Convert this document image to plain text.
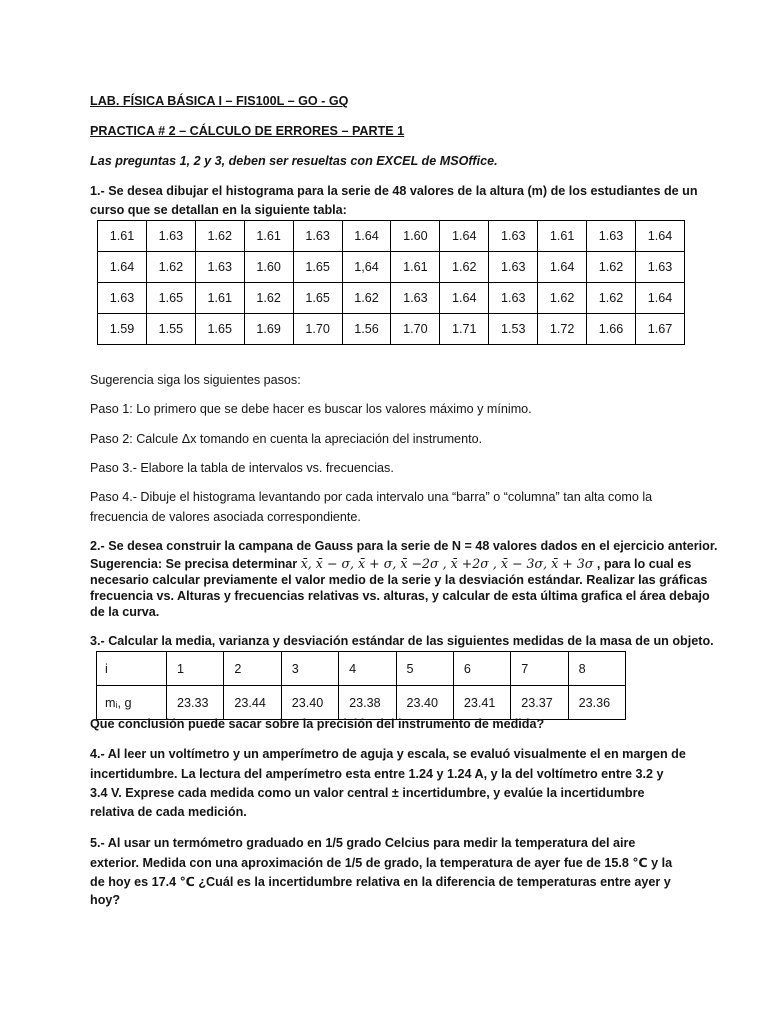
LAB. FÍSICA BÁSICA I – FIS100L – GO - GQ
PRACTICA # 2 – CÁLCULO DE ERRORES – PARTE 1
Las preguntas 1, 2 y 3, deben ser resueltas con EXCEL de MSOffice.
1.- Se desea dibujar el histograma para la serie de 48 valores de la altura (m) de los estudiantes de un
curso que se detallan en la siguiente tabla:
1.61	1.63	1.62	1.61	1.63	1.64	1.60	1.64	1.63	1.61	1.63	1.64
1.64	1.62	1.63	1.60	1.65	1,64	1.61	1.62	1.63	1.64	1.62	1.63
1.63	1.65	1.61	1.62	1.65	1.62	1.63	1.64	1.63	1.62	1.62	1.64
1.59	1.55	1.65	1.69	1.70	1.56	1.70	1.71	1.53	1.72	1.66	1.67
Sugerencia siga los siguientes pasos:
Paso 1: Lo primero que se debe hacer es buscar los valores máximo y mínimo.
Paso 2: Calcule Δx tomando en cuenta la apreciación del instrumento.
Paso 3.- Elabore la tabla de intervalos vs. frecuencias.
Paso 4.- Dibuje el histograma levantando por cada intervalo una “barra” o “columna” tan alta como la
frecuencia de valores asociada correspondiente.
2.- Se desea construir la campana de Gauss para la serie de N = 48 valores dados en el ejercicio anterior.
Sugerencia: Se precisa determinar x̄, x̄ − σ, x̄ + σ, x̄ −2σ , x̄ +2σ , x̄ − 3σ, x̄ + 3σ , para lo cual es
necesario calcular previamente el valor medio de la serie y la desviación estándar. Realizar las gráficas
frecuencia vs. Alturas y frecuencias relativas vs. alturas, y calcular de esta última grafica el área debajo
de la curva.
3.- Calcular la media, varianza y desviación estándar de las siguientes medidas de la masa de un objeto.
i	1	2	3	4	5	6	7	8
mᵢ, g	23.33	23.44	23.40	23.38	23.40	23.41	23.37	23.36
Que conclusión puede sacar sobre la precisión del instrumento de medida?
4.- Al leer un voltímetro y un amperímetro de aguja y escala, se evaluó visualmente el en margen de
incertidumbre. La lectura del amperímetro esta entre 1.24 y 1.24 A, y la del voltímetro entre 3.2 y
3.4 V. Exprese cada medida como un valor central ± incertidumbre, y evalúe la incertidumbre
relativa de cada medición.
5.- Al usar un termómetro graduado en 1/5 grado Celcius para medir la temperatura del aire
exterior. Medida con una aproximación de 1/5 de grado, la temperatura de ayer fue de 15.8 ℃ y la
de hoy es 17.4 ℃ ¿Cuál es la incertidumbre relativa en la diferencia de temperaturas entre ayer y
hoy?
